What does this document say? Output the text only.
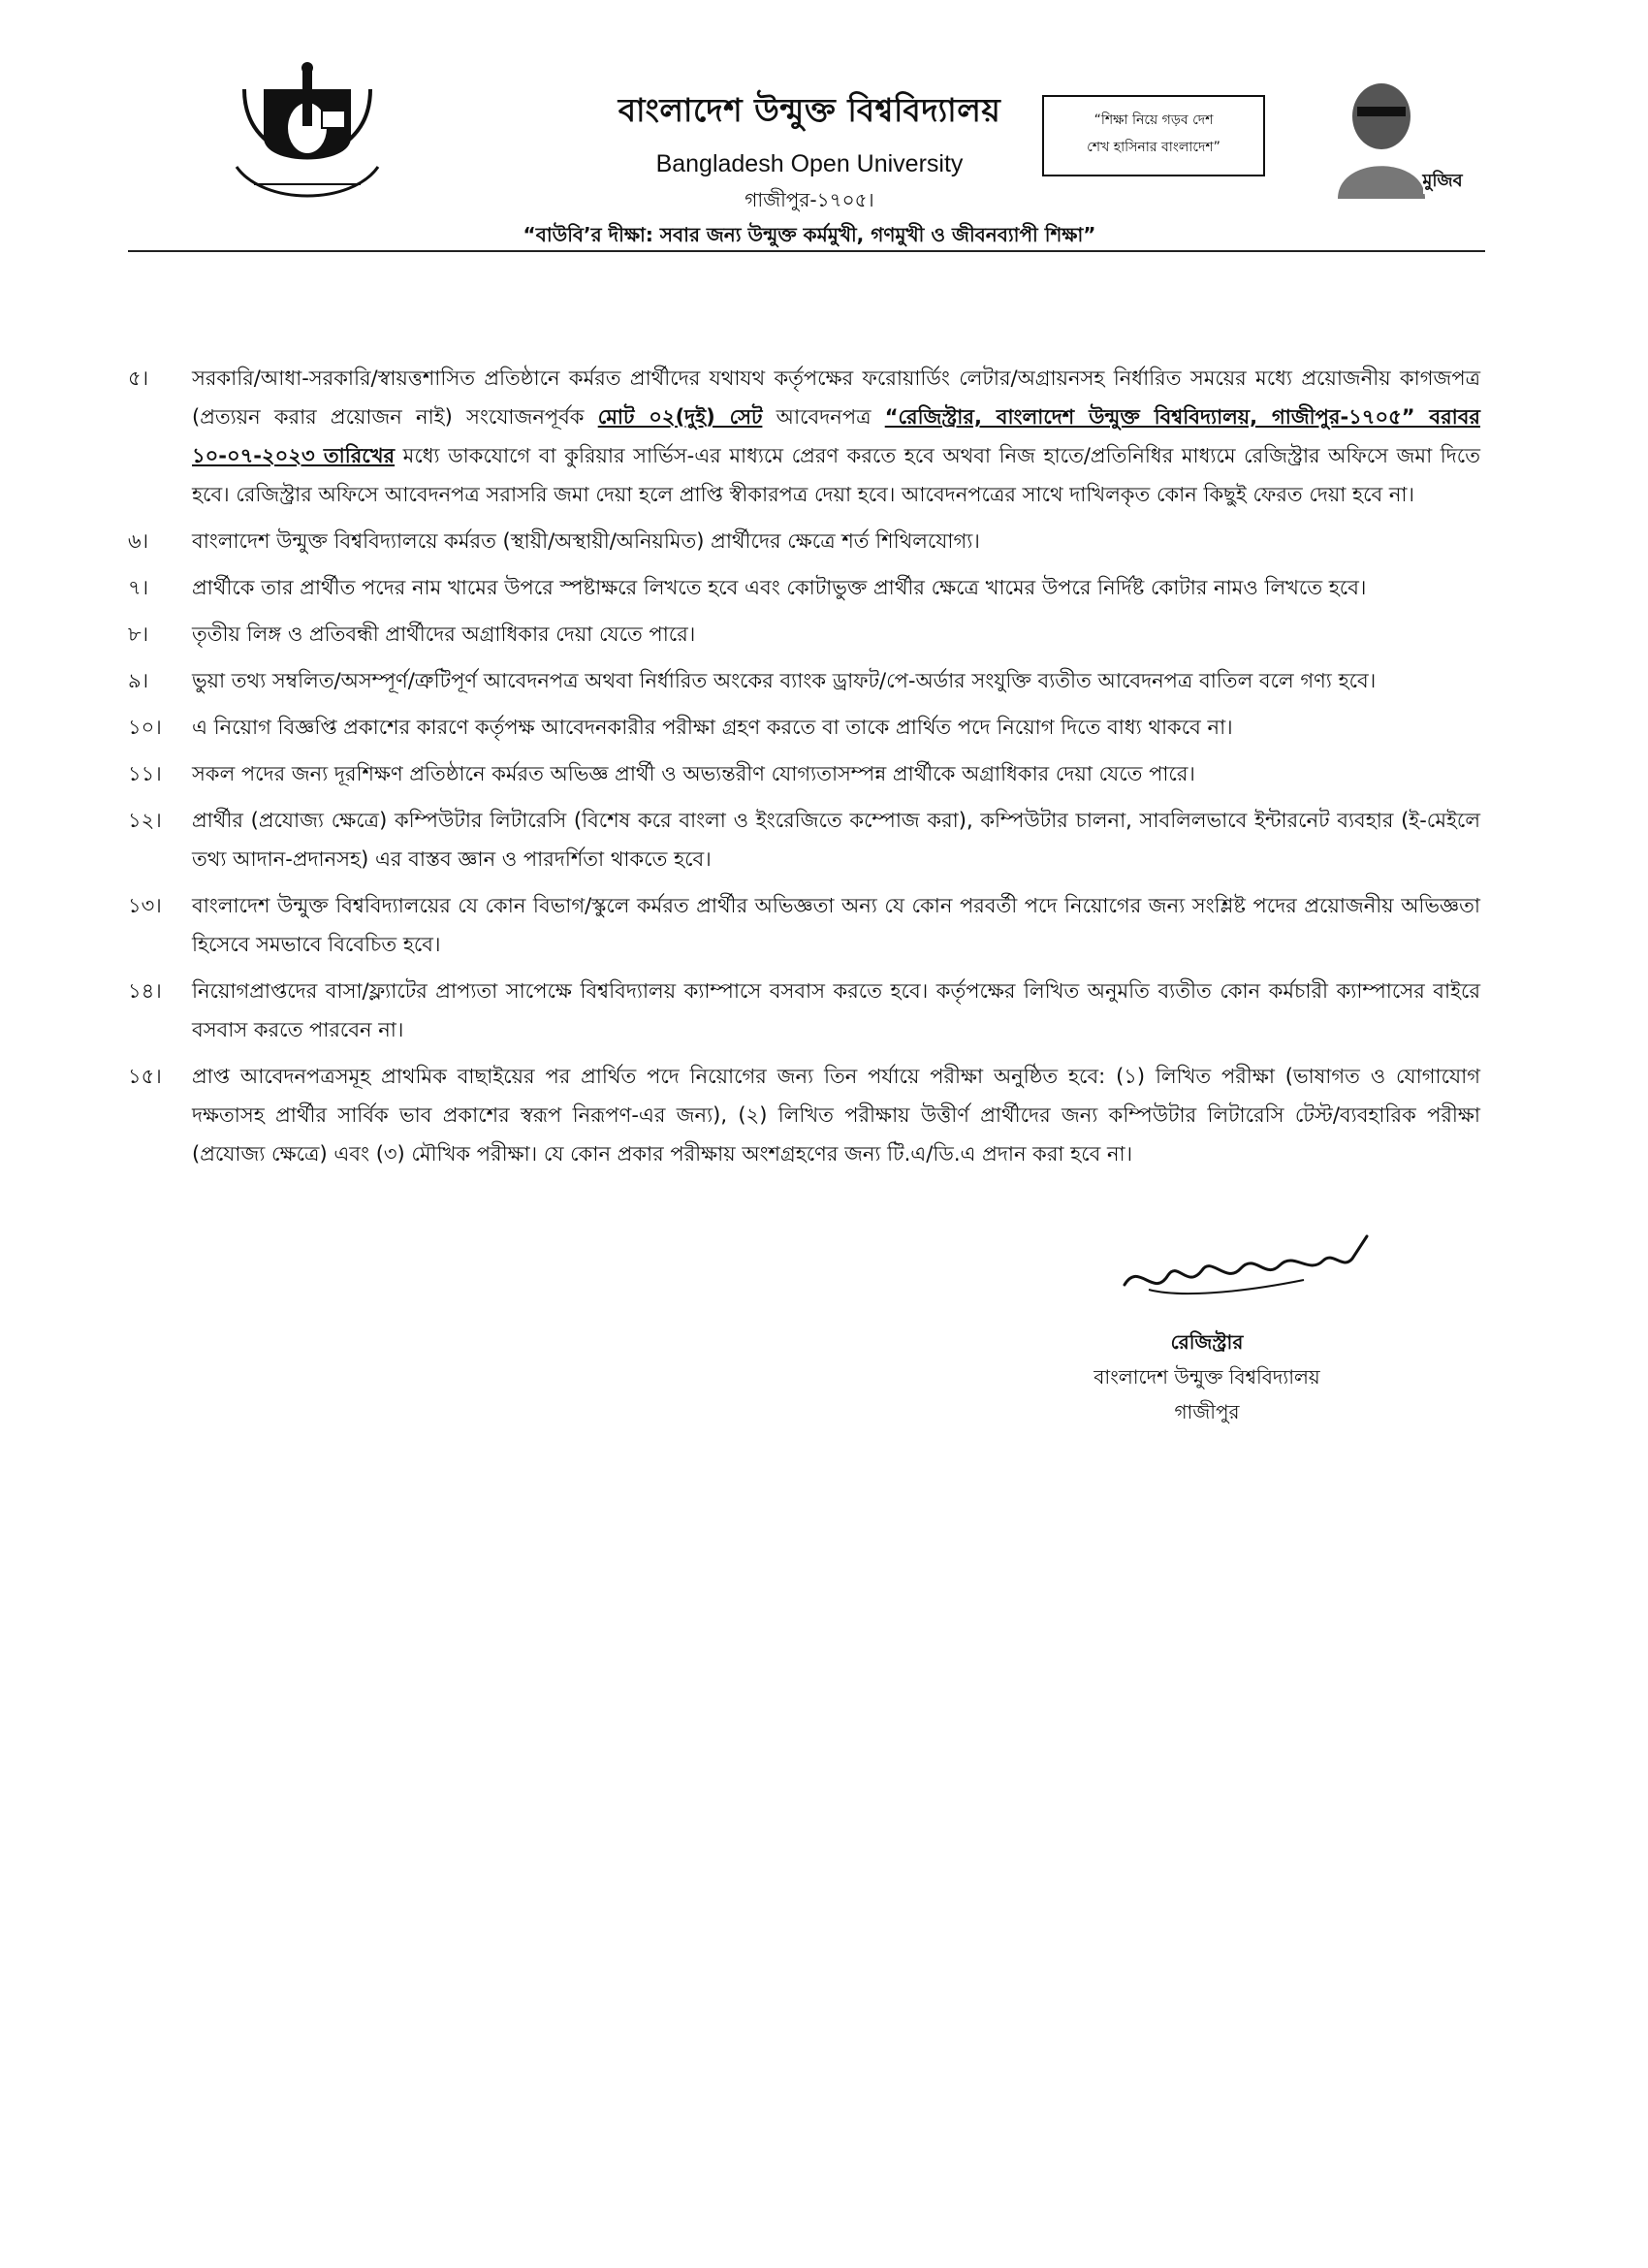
বাংলাদেশ উন্মুক্ত বিশ্ববিদ্যালয়
Bangladesh Open University
গাজীপুর-১৭০৫।
“বাউবি’র দীক্ষা: সবার জন্য উন্মুক্ত কর্মমুখী, গণমুখী ও জীবনব্যাপী শিক্ষা”
“শিক্ষা নিয়ে গড়ব দেশ
শেখ হাসিনার বাংলাদেশ”
মুজিব
৫।	সরকারি/আধা-সরকারি/স্বায়ত্তশাসিত প্রতিষ্ঠানে কর্মরত প্রার্থীদের যথাযথ কর্তৃপক্ষের ফরোয়ার্ডিং লেটার/অগ্রায়নসহ নির্ধারিত সময়ের মধ্যে প্রয়োজনীয় কাগজপত্র (প্রত্যয়ন করার প্রয়োজন নাই) সংযোজনপূর্বক মোট ০২(দুই) সেট আবেদনপত্র “রেজিস্ট্রার, বাংলাদেশ উন্মুক্ত বিশ্ববিদ্যালয়, গাজীপুর-১৭০৫” বরাবর ১০-০৭-২০২৩ তারিখের মধ্যে ডাকযোগে বা কুরিয়ার সার্ভিস-এর মাধ্যমে প্রেরণ করতে হবে অথবা নিজ হাতে/প্রতিনিধির মাধ্যমে রেজিস্ট্রার অফিসে জমা দিতে হবে। রেজিস্ট্রার অফিসে আবেদনপত্র সরাসরি জমা দেয়া হলে প্রাপ্তি স্বীকারপত্র দেয়া হবে। আবেদনপত্রের সাথে দাখিলকৃত কোন কিছুই ফেরত দেয়া হবে না।
৬।	বাংলাদেশ উন্মুক্ত বিশ্ববিদ্যালয়ে কর্মরত (স্থায়ী/অস্থায়ী/অনিয়মিত) প্রার্থীদের ক্ষেত্রে শর্ত শিথিলযোগ্য।
৭।	প্রার্থীকে তার প্রার্থীত পদের নাম খামের উপরে স্পষ্টাক্ষরে লিখতে হবে এবং কোটাভুক্ত প্রার্থীর ক্ষেত্রে খামের উপরে নির্দিষ্ট কোটার নামও লিখতে হবে।
৮।	তৃতীয় লিঙ্গ ও প্রতিবন্ধী প্রার্থীদের অগ্রাধিকার দেয়া যেতে পারে।
৯।	ভুয়া তথ্য সম্বলিত/অসম্পূর্ণ/ত্রুটিপূর্ণ আবেদনপত্র অথবা নির্ধারিত অংকের ব্যাংক ড্রাফট/পে-অর্ডার সংযুক্তি ব্যতীত আবেদনপত্র বাতিল বলে গণ্য হবে।
১০।	এ নিয়োগ বিজ্ঞপ্তি প্রকাশের কারণে কর্তৃপক্ষ আবেদনকারীর পরীক্ষা গ্রহণ করতে বা তাকে প্রার্থিত পদে নিয়োগ দিতে বাধ্য থাকবে না।
১১।	সকল পদের জন্য দূরশিক্ষণ প্রতিষ্ঠানে কর্মরত অভিজ্ঞ প্রার্থী ও অভ্যন্তরীণ যোগ্যতাসম্পন্ন প্রার্থীকে অগ্রাধিকার দেয়া যেতে পারে।
১২।	প্রার্থীর (প্রযোজ্য ক্ষেত্রে) কম্পিউটার লিটারেসি (বিশেষ করে বাংলা ও ইংরেজিতে কম্পোজ করা), কম্পিউটার চালনা, সাবলিলভাবে ইন্টারনেট ব্যবহার (ই-মেইলে তথ্য আদান-প্রদানসহ) এর বাস্তব জ্ঞান ও পারদর্শিতা থাকতে হবে।
১৩।	বাংলাদেশ উন্মুক্ত বিশ্ববিদ্যালয়ের যে কোন বিভাগ/স্কুলে কর্মরত প্রার্থীর অভিজ্ঞতা অন্য যে কোন পরবর্তী পদে নিয়োগের জন্য সংশ্লিষ্ট পদের প্রয়োজনীয় অভিজ্ঞতা হিসেবে সমভাবে বিবেচিত হবে।
১৪।	নিয়োগপ্রাপ্তদের বাসা/ফ্ল্যাটের প্রাপ্যতা সাপেক্ষে বিশ্ববিদ্যালয় ক্যাম্পাসে বসবাস করতে হবে। কর্তৃপক্ষের লিখিত অনুমতি ব্যতীত কোন কর্মচারী ক্যাম্পাসের বাইরে বসবাস করতে পারবেন না।
১৫।	প্রাপ্ত আবেদনপত্রসমূহ প্রাথমিক বাছাইয়ের পর প্রার্থিত পদে নিয়োগের জন্য তিন পর্যায়ে পরীক্ষা অনুষ্ঠিত হবে: (১) লিখিত পরীক্ষা (ভাষাগত ও যোগাযোগ দক্ষতাসহ প্রার্থীর সার্বিক ভাব প্রকাশের স্বরূপ নিরূপণ-এর জন্য), (২) লিখিত পরীক্ষায় উত্তীর্ণ প্রার্থীদের জন্য কম্পিউটার লিটারেসি টেস্ট/ব্যবহারিক পরীক্ষা (প্রযোজ্য ক্ষেত্রে) এবং (৩) মৌখিক পরীক্ষা। যে কোন প্রকার পরীক্ষায় অংশগ্রহণের জন্য টি.এ/ডি.এ প্রদান করা হবে না।
রেজিস্ট্রার
বাংলাদেশ উন্মুক্ত বিশ্ববিদ্যালয়
গাজীপুর
